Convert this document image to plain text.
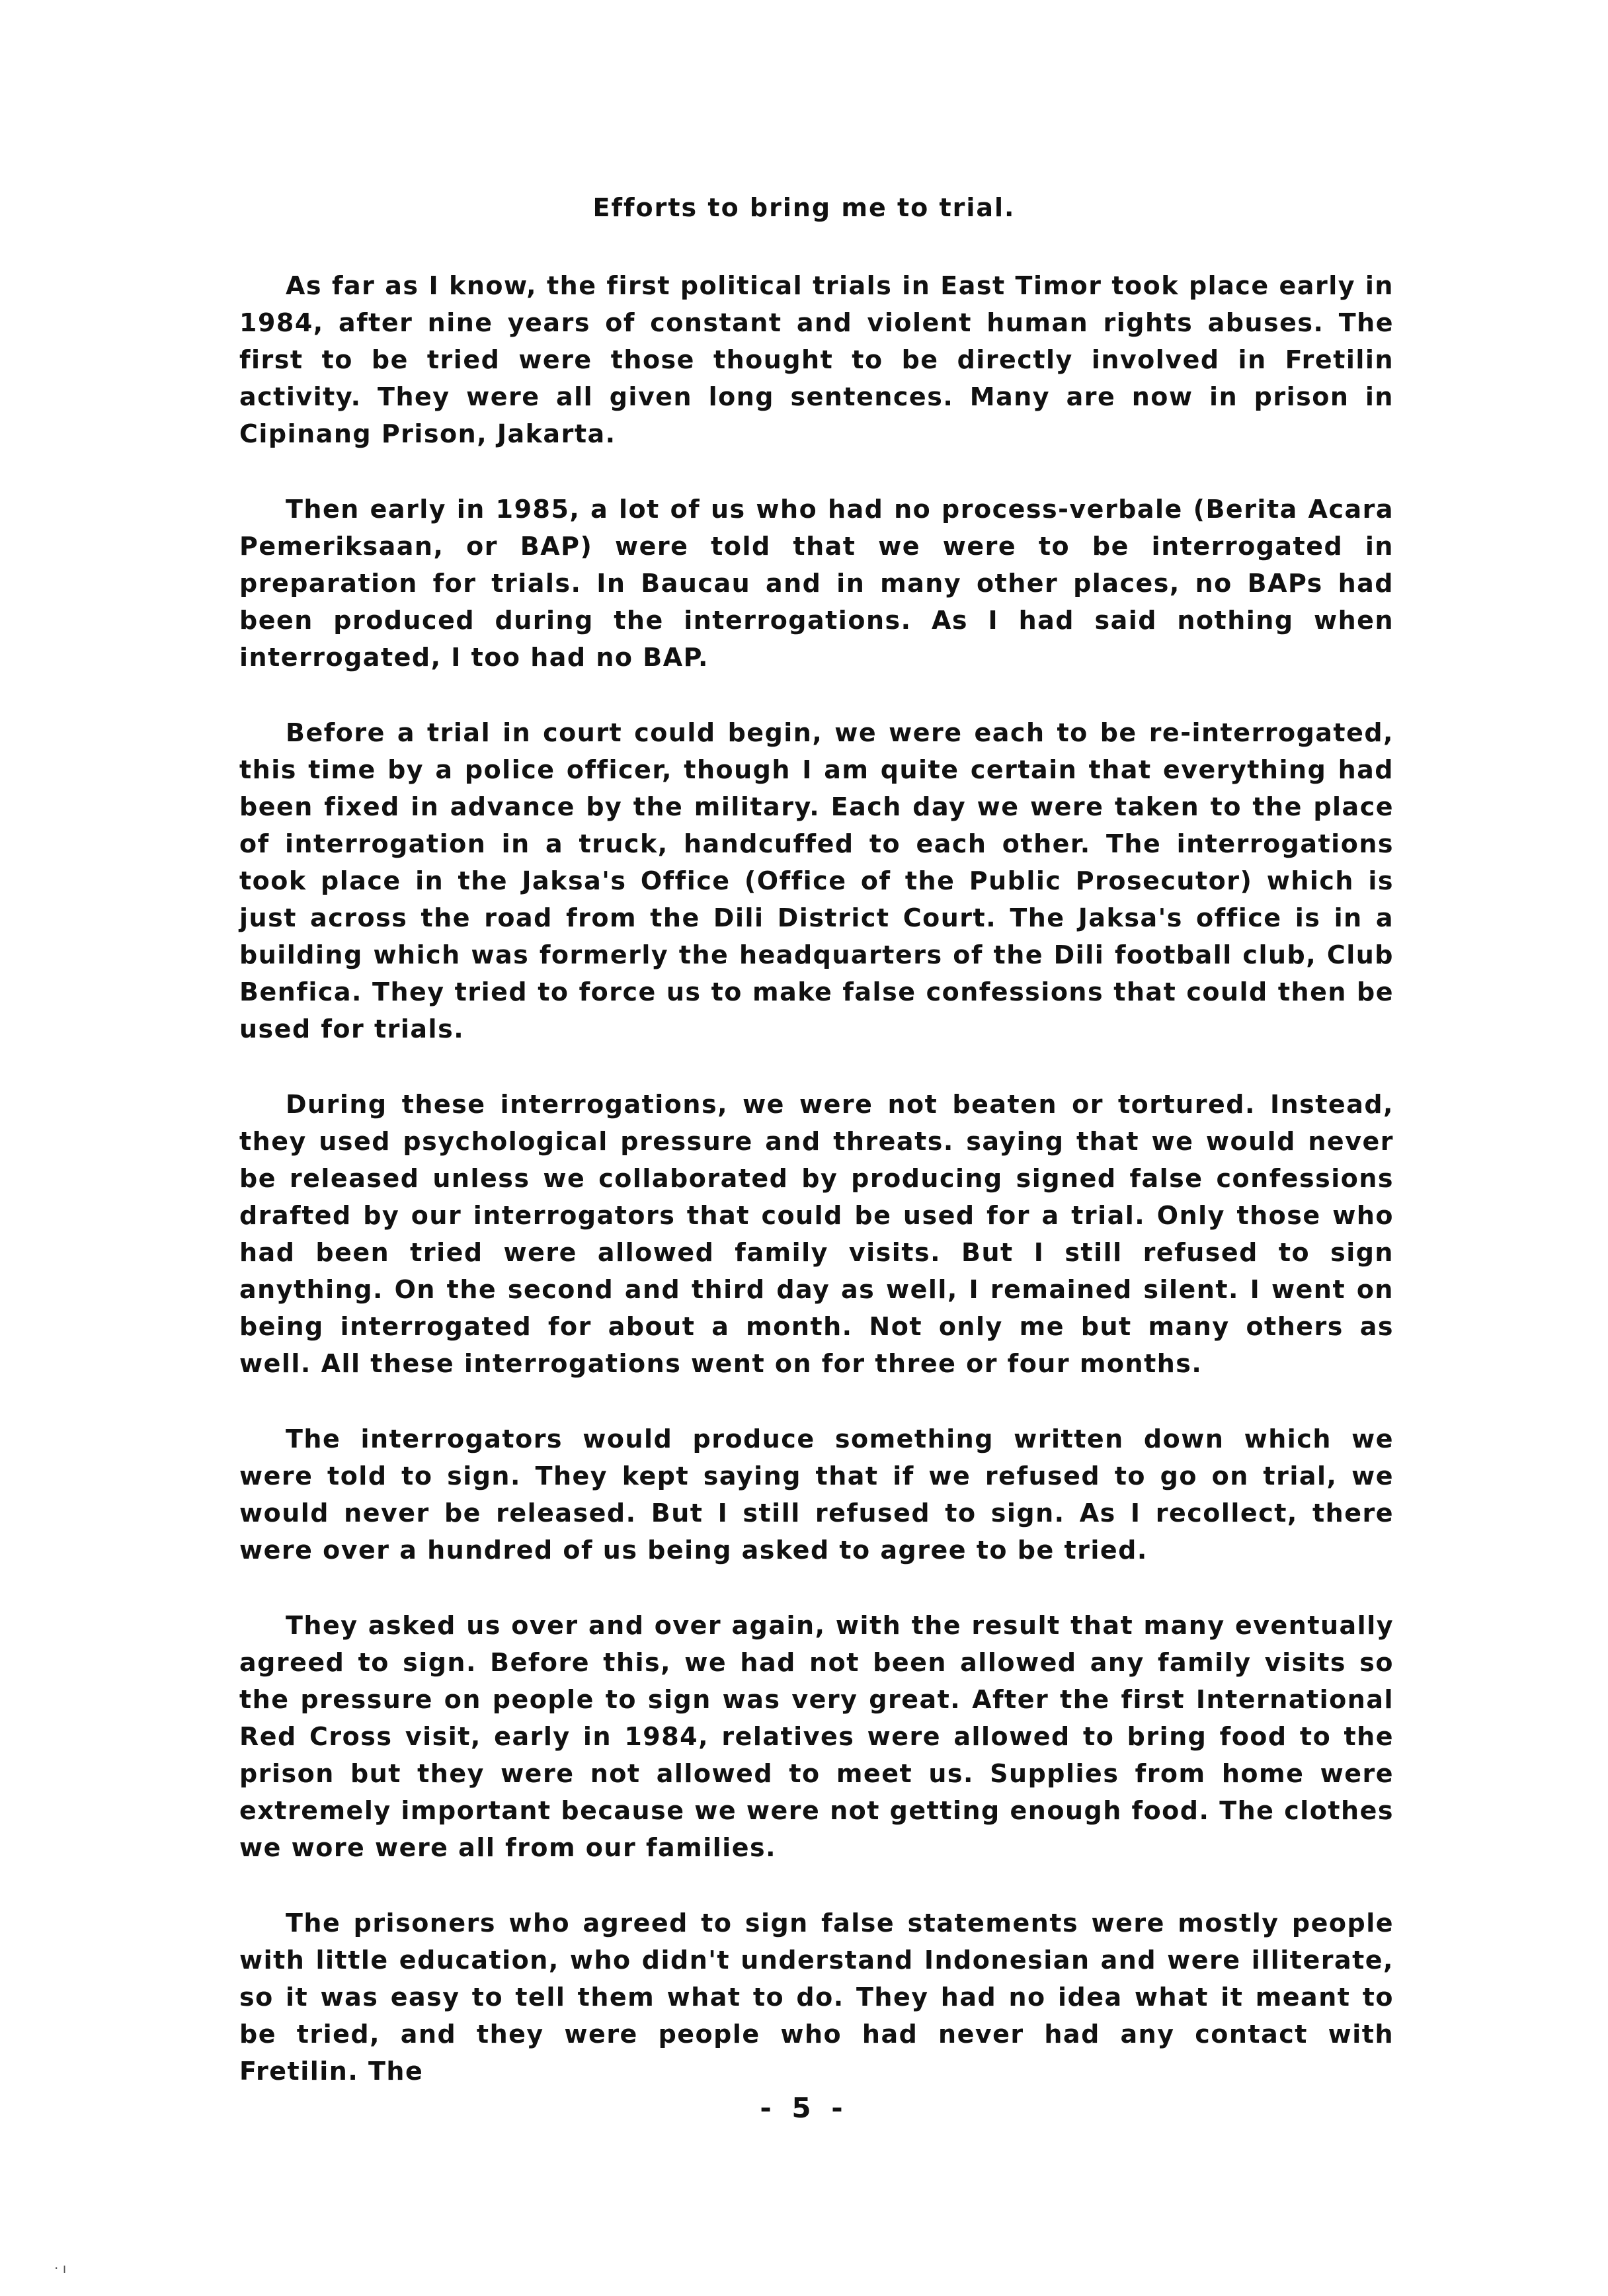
Efforts to bring me to trial.

As far as I know, the first political trials in East Timor took place early in 1984, after nine years of constant and violent human rights abuses. The first to be tried were those thought to be directly involved in Fretilin activity. They were all given long sentences. Many are now in prison in Cipinang Prison, Jakarta.

Then early in 1985, a lot of us who had no process-verbale (Berita Acara Pemeriksaan, or BAP) were told that we were to be interrogated in preparation for trials. In Baucau and in many other places, no BAPs had been produced during the interrogations. As I had said nothing when interrogated, I too had no BAP.

Before a trial in court could begin, we were each to be re-interrogated, this time by a police officer, though I am quite certain that everything had been fixed in advance by the military. Each day we were taken to the place of interrogation in a truck, handcuffed to each other. The interrogations took place in the Jaksa's Office (Office of the Public Prosecutor) which is just across the road from the Dili District Court. The Jaksa's office is in a building which was formerly the headquarters of the Dili football club, Club Benfica. They tried to force us to make false confessions that could then be used for trials.

During these interrogations, we were not beaten or tortured. Instead, they used psychological pressure and threats. saying that we would never be released unless we collaborated by producing signed false confessions drafted by our interrogators that could be used for a trial. Only those who had been tried were allowed family visits. But I still refused to sign anything. On the second and third day as well, I remained silent. I went on being interrogated for about a month. Not only me but many others as well. All these interrogations went on for three or four months.

The interrogators would produce something written down which we were told to sign. They kept saying that if we refused to go on trial, we would never be released. But I still refused to sign. As I recollect, there were over a hundred of us being asked to agree to be tried.

They asked us over and over again, with the result that many eventually agreed to sign. Before this, we had not been allowed any family visits so the pressure on people to sign was very great. After the first International Red Cross visit, early in 1984, relatives were allowed to bring food to the prison but they were not allowed to meet us. Supplies from home were extremely important because we were not getting enough food. The clothes we wore were all from our families.

The prisoners who agreed to sign false statements were mostly people with little education, who didn't understand Indonesian and were illiterate, so it was easy to tell them what to do. They had no idea what it meant to be tried, and they were people who had never had any contact with Fretilin. The

- 5 -
· ı
